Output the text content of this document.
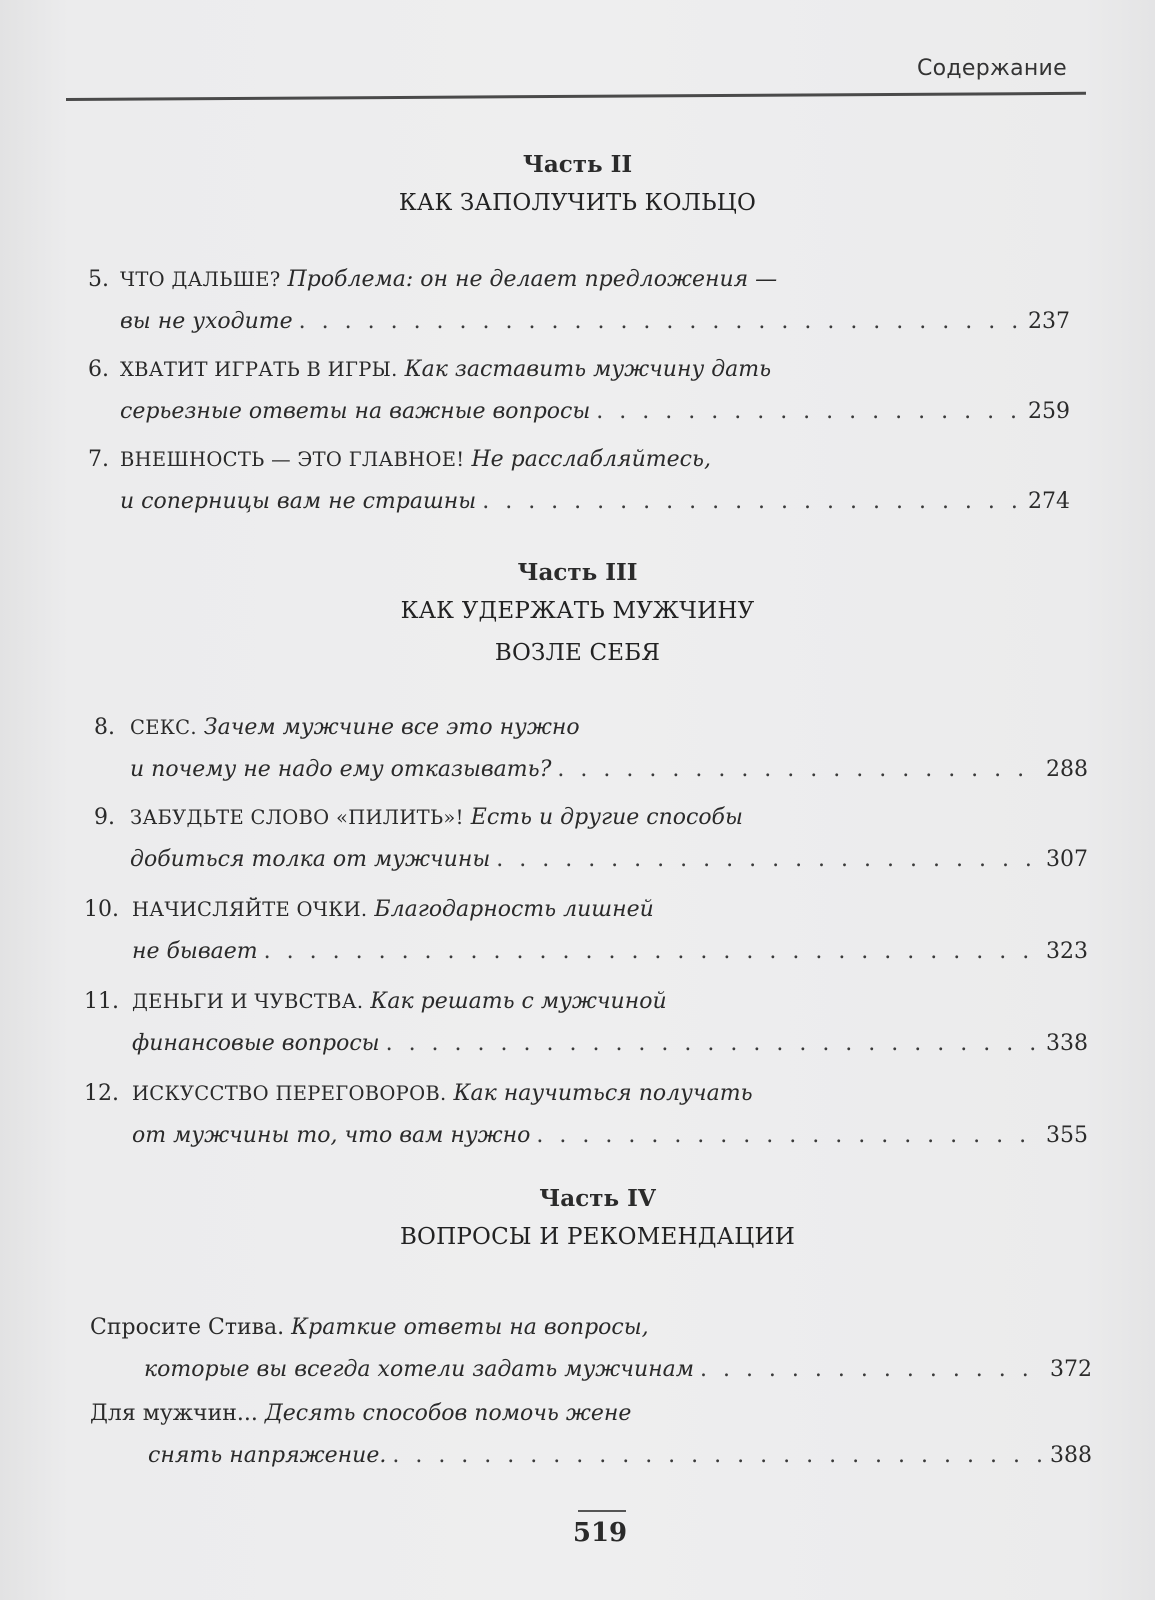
Содержание
Часть II
КАК ЗАПОЛУЧИТЬ КОЛЬЦО
5. ЧТО ДАЛЬШЕ? Проблема: он не делает предложения —
вы не уходите . . .	237
6. ХВАТИТ ИГРАТЬ В ИГРЫ. Как заставить мужчину дать
серьезные ответы на важные вопросы . . .	259
7. ВНЕШНОСТЬ — ЭТО ГЛАВНОЕ! Не расслабляйтесь,
и соперницы вам не страшны . . .	274
Часть III
КАК УДЕРЖАТЬ МУЖЧИНУ
ВОЗЛЕ СЕБЯ
8. СЕКС. Зачем мужчине все это нужно
и почему не надо ему отказывать? . . .	288
9. ЗАБУДЬТЕ СЛОВО «ПИЛИТЬ»! Есть и другие способы
добиться толка от мужчины . . .	307
10. НАЧИСЛЯЙТЕ ОЧКИ. Благодарность лишней
не бывает . . .	323
11. ДЕНЬГИ И ЧУВСТВА. Как решать с мужчиной
финансовые вопросы . . .	338
12. ИСКУССТВО ПЕРЕГОВОРОВ. Как научиться получать
от мужчины то, что вам нужно . . .	355
Часть IV
ВОПРОСЫ И РЕКОМЕНДАЦИИ
Спросите Стива. Краткие ответы на вопросы,
которые вы всегда хотели задать мужчинам . . .	372
Для мужчин... Десять способов помочь жене
снять напряжение. . . .	388
519
